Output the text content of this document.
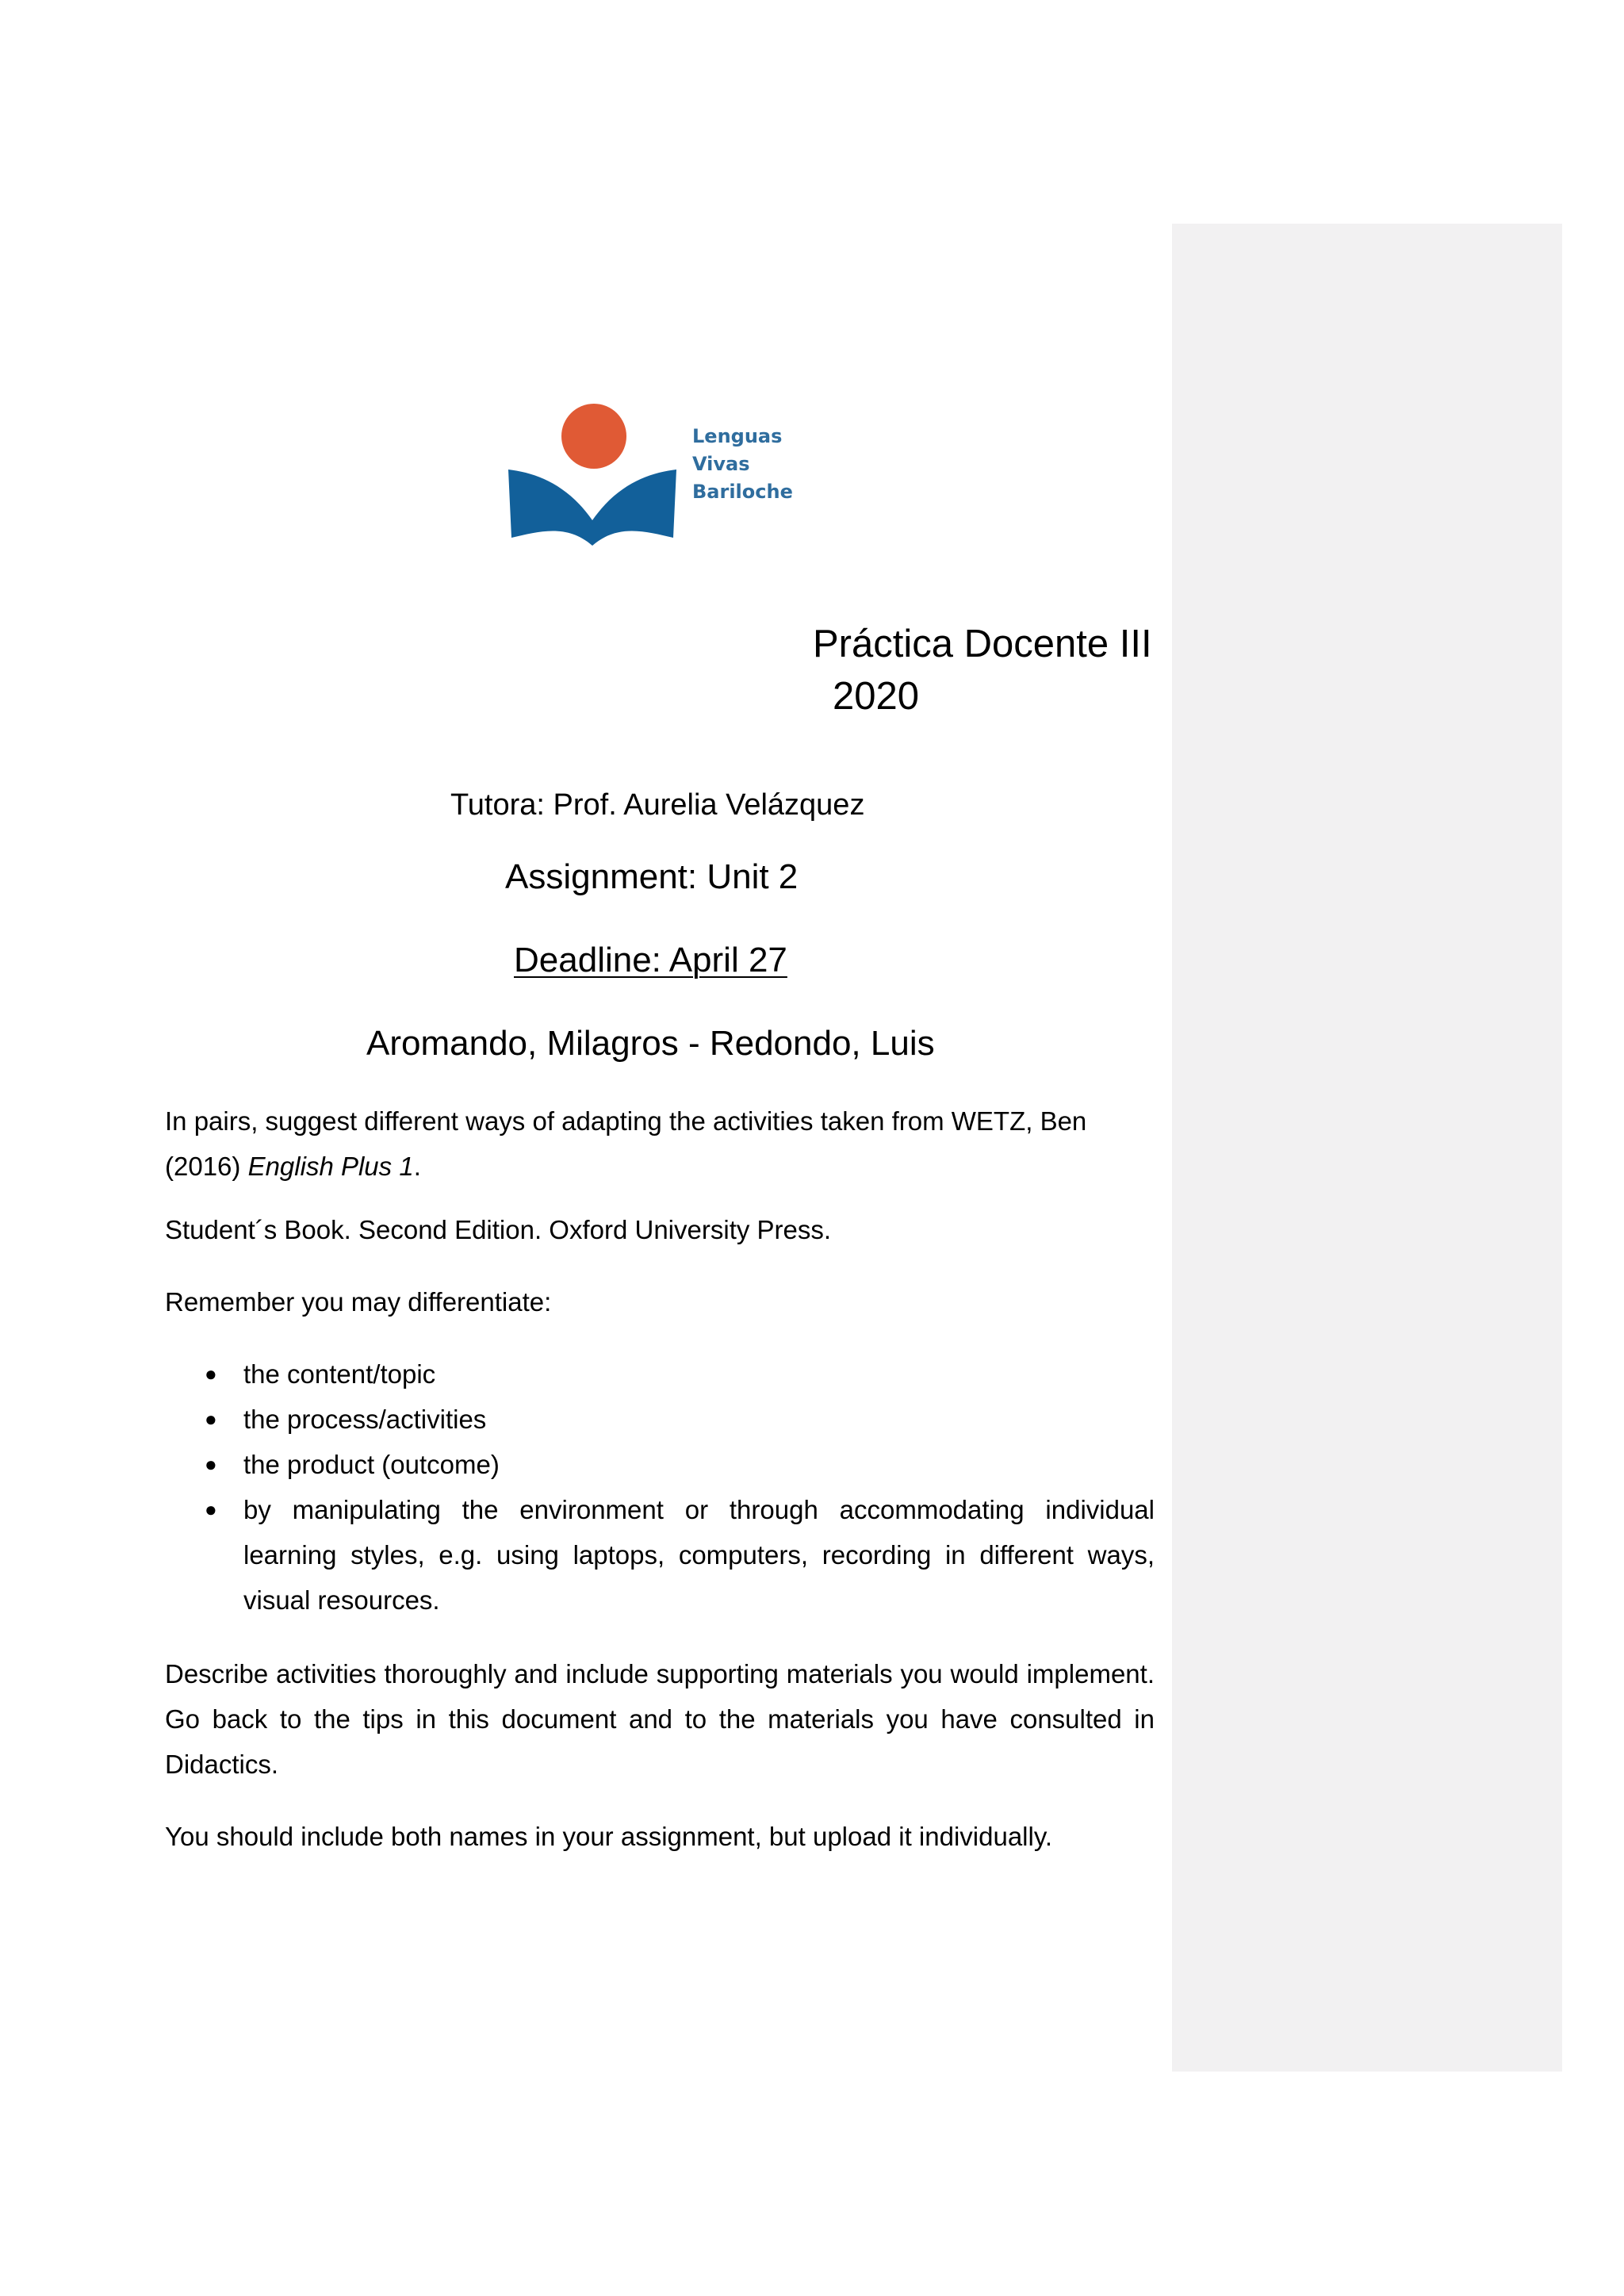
Lenguas Vivas
Bariloche
Práctica Docente III
2020
Tutora: Prof. Aurelia Velázquez
Assignment: Unit 2
Deadline: April 27
Aromando, Milagros - Redondo, Luis
In pairs, suggest different ways of adapting the activities taken from WETZ, Ben (2016) English Plus 1.
Student´s Book. Second Edition. Oxford University Press.
Remember you may differentiate:
● the content/topic
● the process/activities
● the product (outcome)
● by manipulating the environment or through accommodating individual learning styles, e.g. using laptops, computers, recording in different ways, visual resources.
Describe activities thoroughly and include supporting materials you would implement. Go back to the tips in this document and to the materials you have consulted in Didactics.
You should include both names in your assignment, but upload it individually.
